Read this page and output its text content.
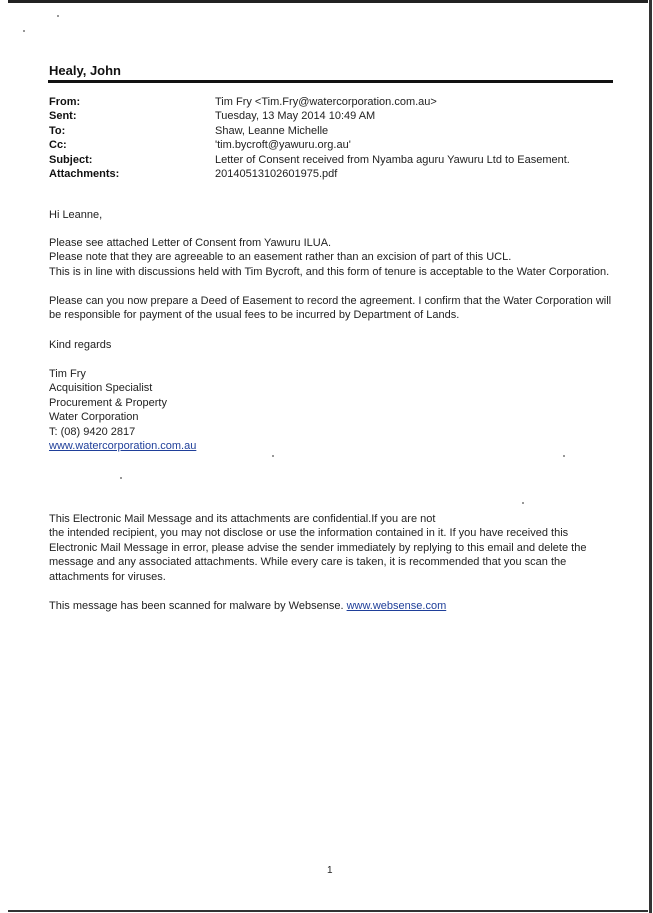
Healy, John
From:	Tim Fry <Tim.Fry@watercorporation.com.au>
Sent:	Tuesday, 13 May 2014 10:49 AM
To:	Shaw, Leanne Michelle
Cc:	'tim.bycroft@yawuru.org.au'
Subject:	Letter of Consent received from Nyamba aguru Yawuru Ltd to Easement.
Attachments:	20140513102601975.pdf

Hi Leanne,

Please see attached Letter of Consent from Yawuru ILUA.

Please note that they are agreeable to an easement rather than an excision of part of this UCL.

This is in line with discussions held with Tim Bycroft, and this form of tenure is acceptable to the Water Corporation.

Please can you now prepare a Deed of Easement to record the agreement. I confirm that the Water Corporation will

be responsible for payment of the usual fees to be incurred by Department of Lands.

Kind regards

Tim Fry

Acquisition Specialist

Procurement & Property

Water Corporation

T: (08) 9420 2817

www.watercorporation.com.au

This Electronic Mail Message and its attachments are confidential.If you are not

the intended recipient, you may not disclose or use the information contained in it. If you have received this

Electronic Mail Message in error, please advise the sender immediately by replying to this email and delete the

message and any associated attachments. While every care is taken, it is recommended that you scan the

attachments for viruses.

This message has been scanned for malware by Websense. www.websense.com

1
